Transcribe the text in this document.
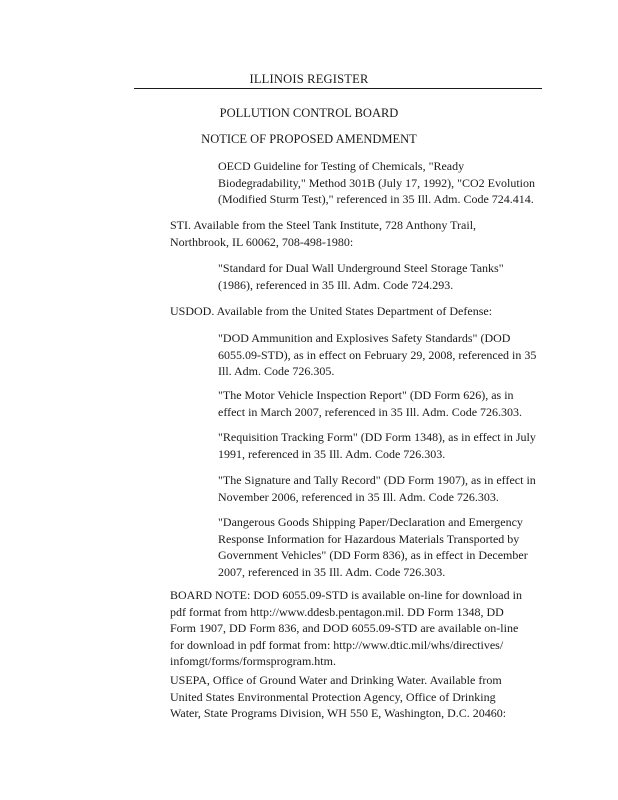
ILLINOIS REGISTER
POLLUTION CONTROL BOARD
NOTICE OF PROPOSED AMENDMENT
OECD Guideline for Testing of Chemicals, "Ready
Biodegradability," Method 301B (July 17, 1992), "CO2 Evolution
(Modified Sturm Test)," referenced in 35 Ill. Adm. Code 724.414.
STI. Available from the Steel Tank Institute, 728 Anthony Trail,
Northbrook, IL 60062, 708-498-1980:
"Standard for Dual Wall Underground Steel Storage Tanks"
(1986), referenced in 35 Ill. Adm. Code 724.293.
USDOD. Available from the United States Department of Defense:
"DOD Ammunition and Explosives Safety Standards" (DOD
6055.09-STD), as in effect on February 29, 2008, referenced in 35
Ill. Adm. Code 726.305.
"The Motor Vehicle Inspection Report" (DD Form 626), as in
effect in March 2007, referenced in 35 Ill. Adm. Code 726.303.
"Requisition Tracking Form" (DD Form 1348), as in effect in July
1991, referenced in 35 Ill. Adm. Code 726.303.
"The Signature and Tally Record" (DD Form 1907), as in effect in
November 2006, referenced in 35 Ill. Adm. Code 726.303.
"Dangerous Goods Shipping Paper/Declaration and Emergency
Response Information for Hazardous Materials Transported by
Government Vehicles" (DD Form 836), as in effect in December
2007, referenced in 35 Ill. Adm. Code 726.303.
BOARD NOTE: DOD 6055.09-STD is available on-line for download in
pdf format from http://www.ddesb.pentagon.mil. DD Form 1348, DD
Form 1907, DD Form 836, and DOD 6055.09-STD are available on-line
for download in pdf format from: http://www.dtic.mil/whs/directives/
infomgt/forms/formsprogram.htm.
USEPA, Office of Ground Water and Drinking Water. Available from
United States Environmental Protection Agency, Office of Drinking
Water, State Programs Division, WH 550 E, Washington, D.C. 20460:
